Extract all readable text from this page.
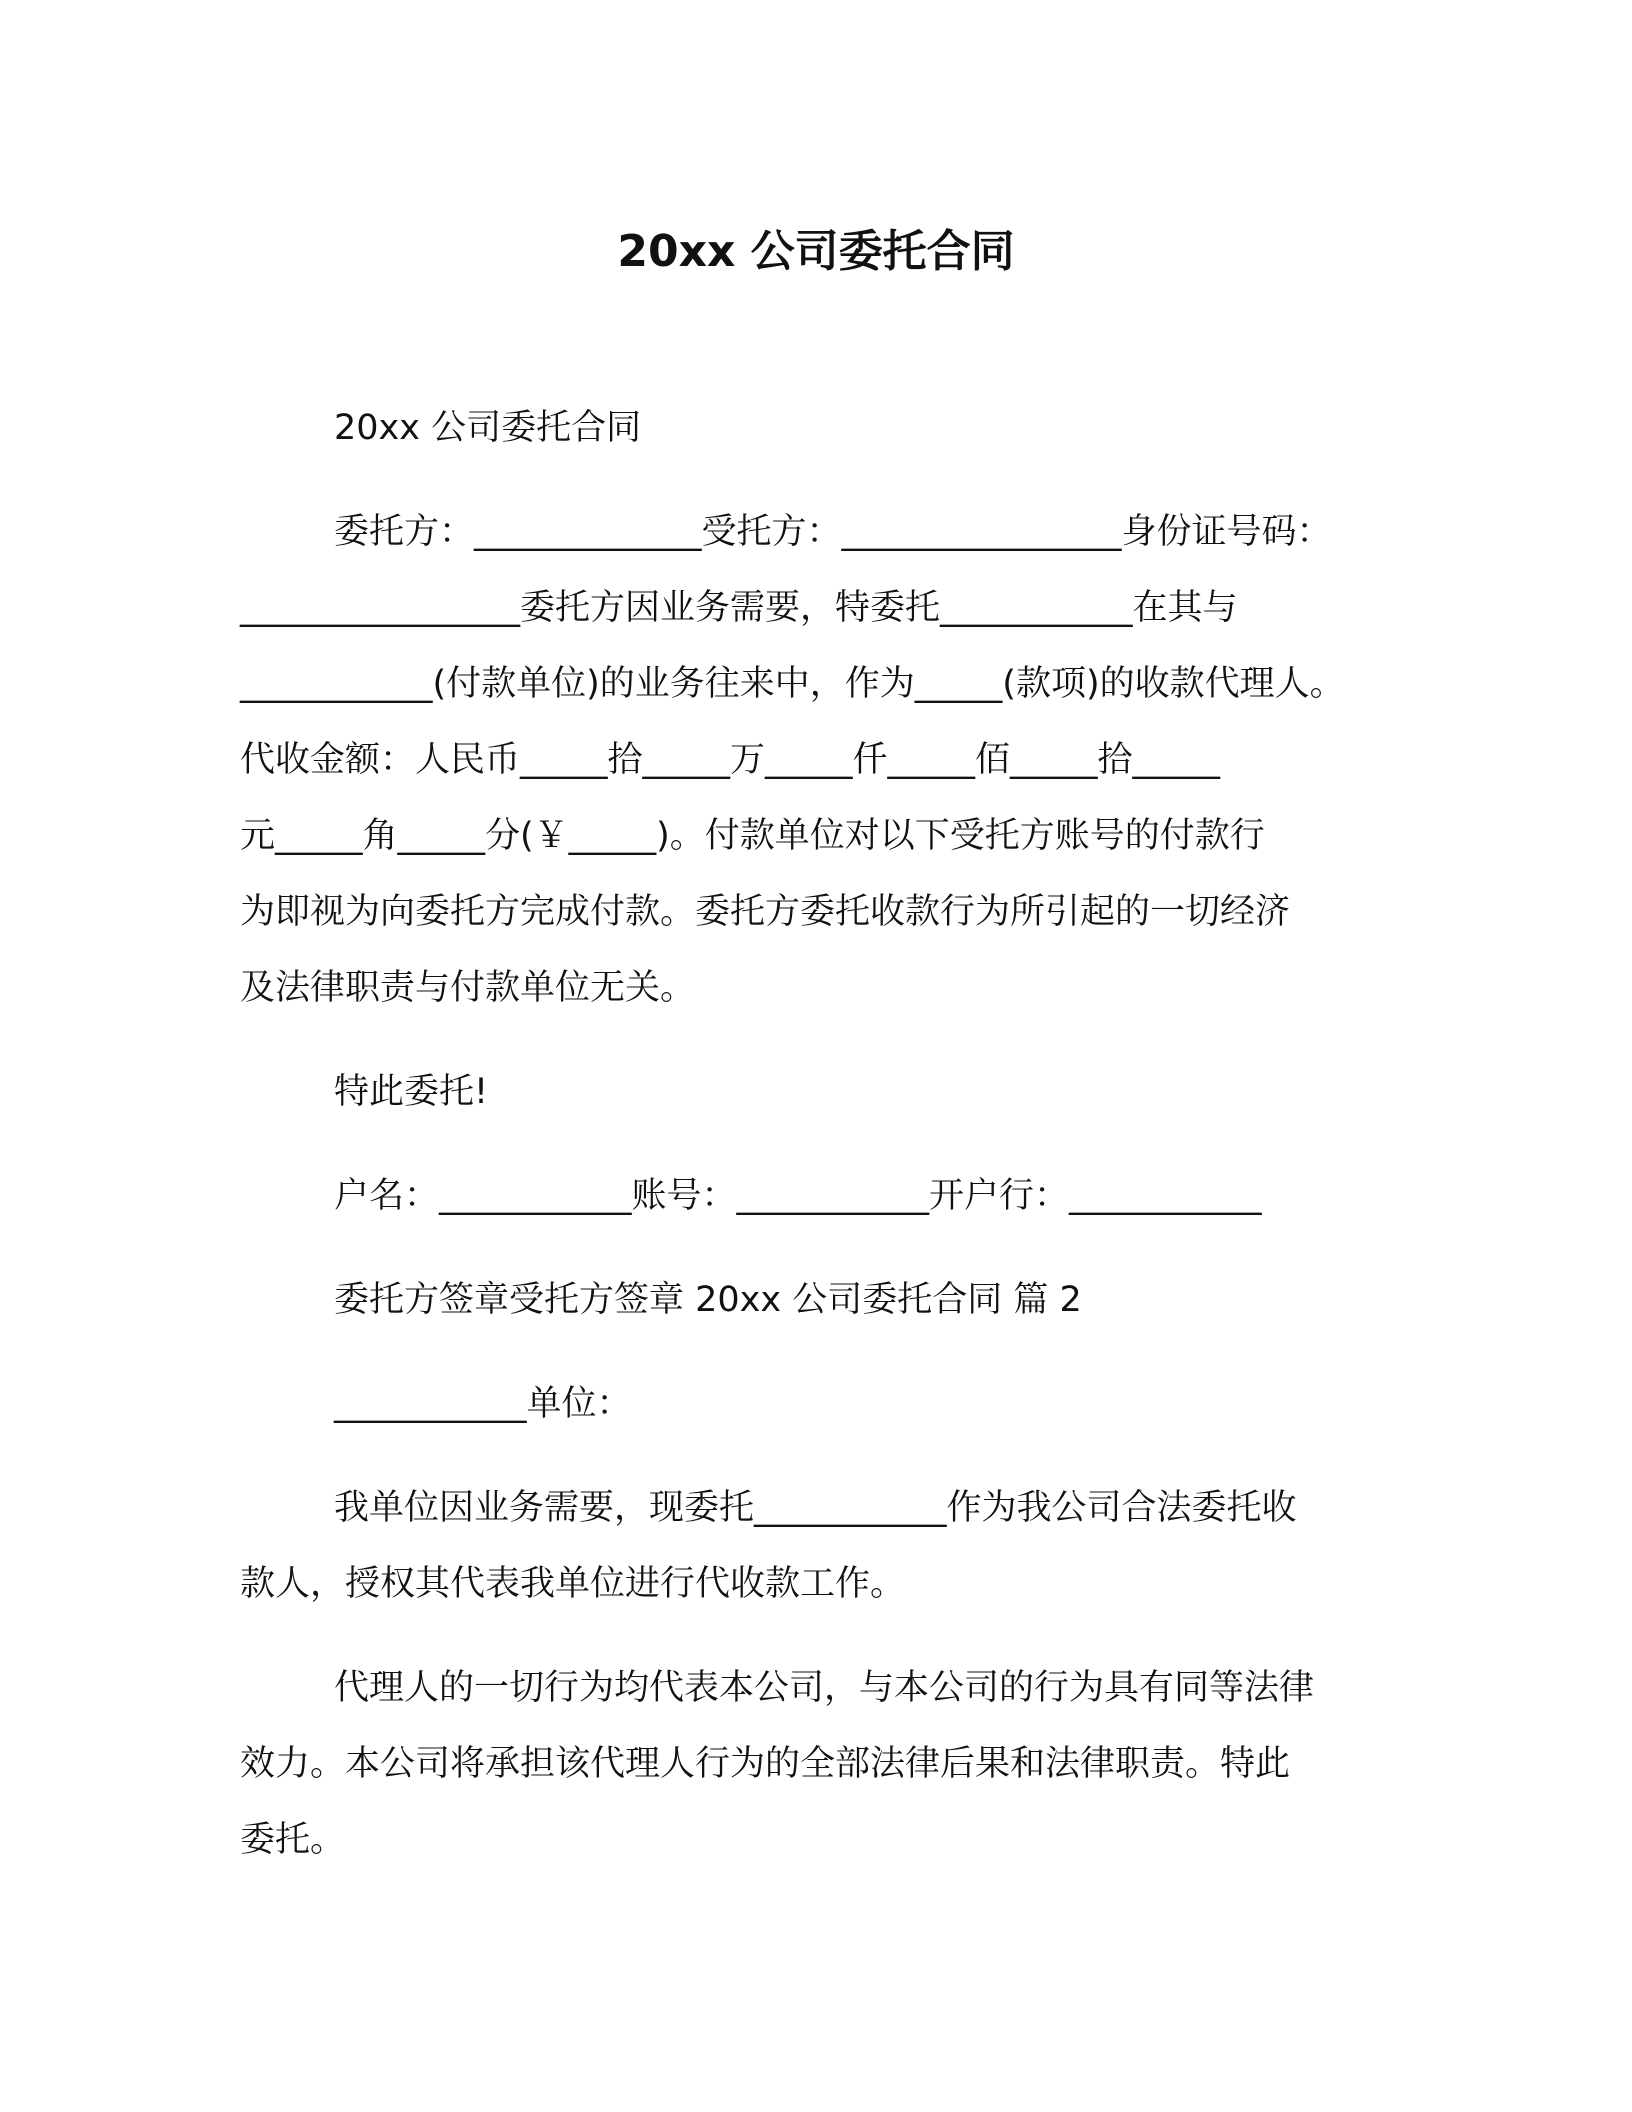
20xx 公司委托合同

20xx 公司委托合同

委托方：_____________受托方：________________身份证号码：
________________委托方因业务需要，特委托___________在其与
___________(付款单位)的业务往来中，作为_____(款项)的收款代理人。
代收金额：人民币_____拾_____万_____仟_____佰_____拾_____
元_____角_____分(￥_____)。付款单位对以下受托方账号的付款行
为即视为向委托方完成付款。委托方委托收款行为所引起的一切经济
及法律职责与付款单位无关。

特此委托!

户名：___________账号：___________开户行：___________

委托方签章受托方签章 20xx 公司委托合同 篇 2

___________单位：

我单位因业务需要，现委托___________作为我公司合法委托收
款人，授权其代表我单位进行代收款工作。

代理人的一切行为均代表本公司，与本公司的行为具有同等法律
效力。本公司将承担该代理人行为的全部法律后果和法律职责。特此
委托。
